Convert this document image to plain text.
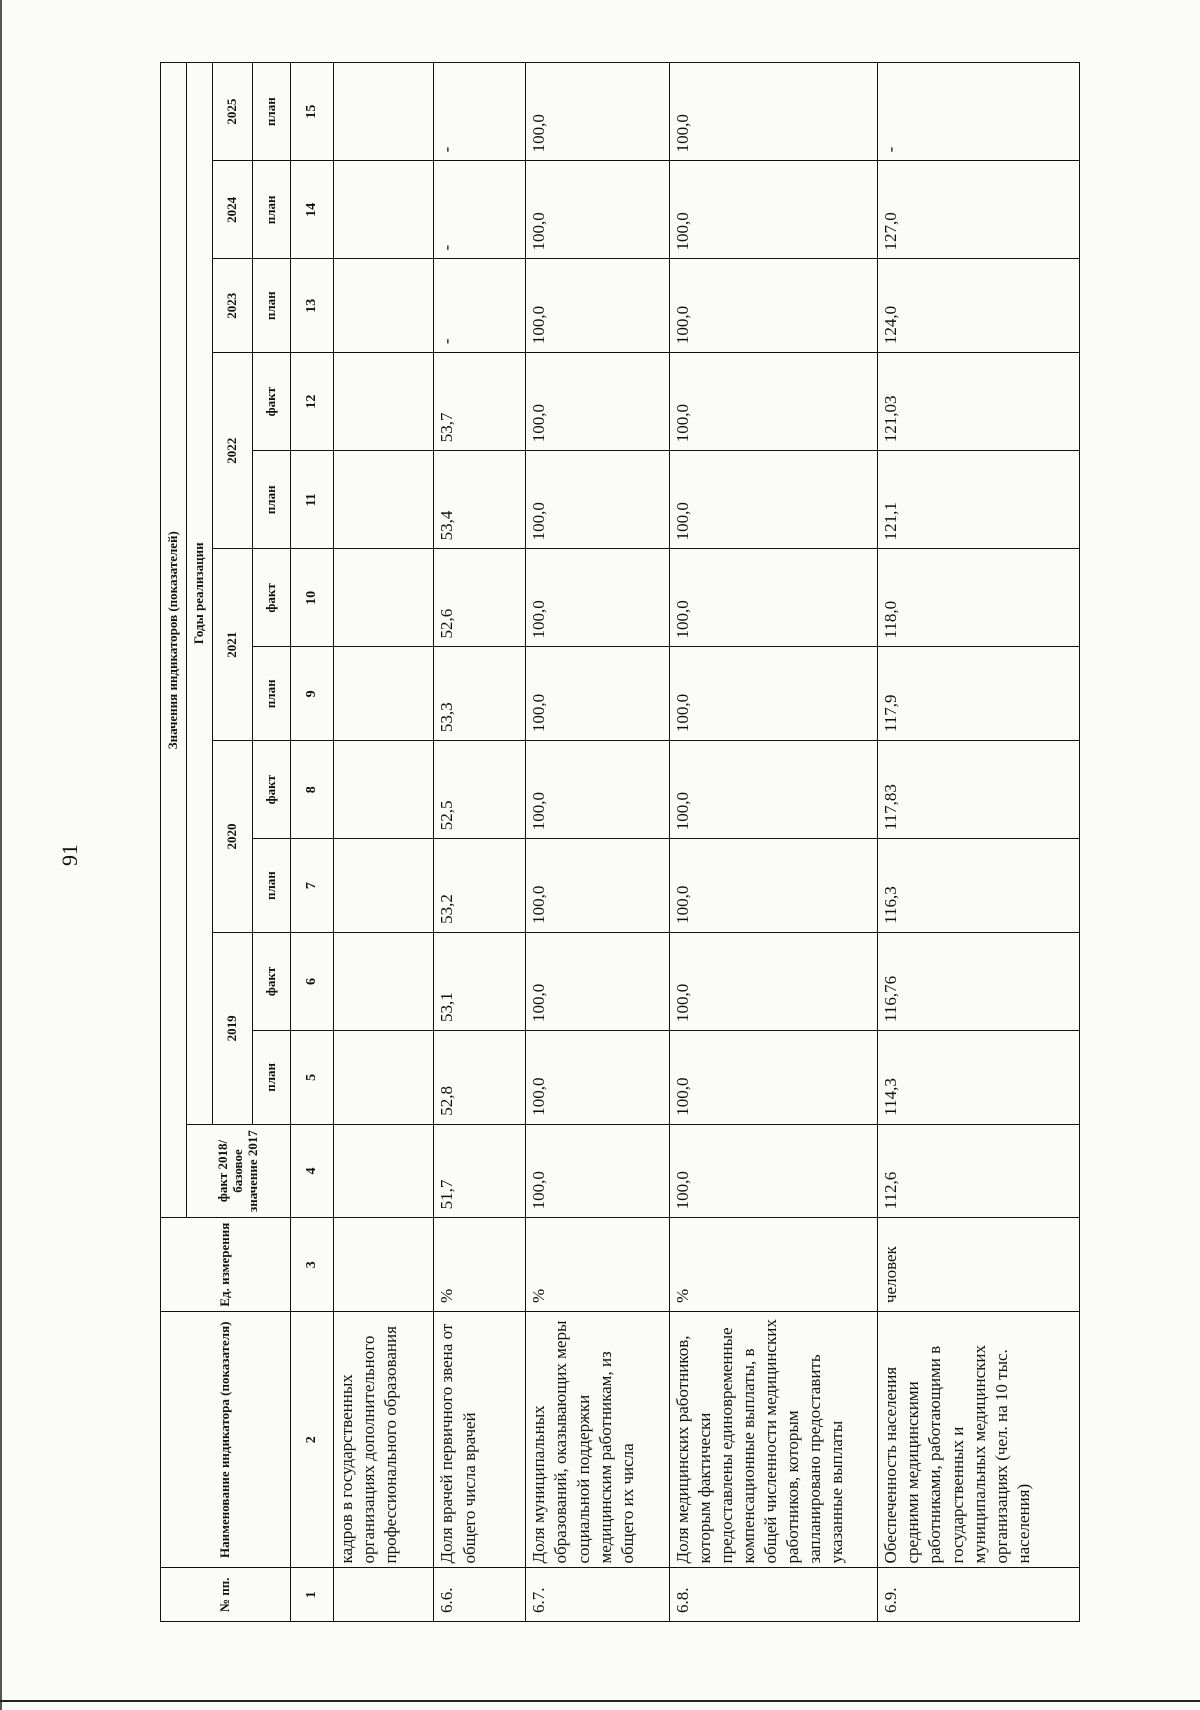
91
№ пп.	Наименование индикатора (показателя)	Ед. измерения	Значения индикаторов (показателей)											
			факт 2018/базовое значение 2017	Годы реализации										
				2019		2020		2021		2022		2023	2024	2025
				план	факт	план	факт	план	факт	план	факт	план	план	план
1	2	3	4	5	6	7	8	9	10	11	12	13	14	15
	кадров в государственных организациях дополнительного профессионального образования													
6.6.	Доля врачей первичного звена от общего числа врачей	%	51,7	52,8	53,1	53,2	52,5	53,3	52,6	53,4	53,7	-	-	-
6.7.	Доля муниципальных образований, оказывающих меры социальной поддержки медицинским работникам, из общего их числа	%	100,0	100,0	100,0	100,0	100,0	100,0	100,0	100,0	100,0	100,0	100,0	100,0
6.8.	Доля медицинских работников, которым фактически предоставлены единовременные компенсационные выплаты, в общей численности медицинских работников, которым запланировано предоставить указанные выплаты	%	100,0	100,0	100,0	100,0	100,0	100,0	100,0	100,0	100,0	100,0	100,0	100,0
6.9.	Обеспеченность населения средними медицинскими работниками, работающими в государственных и муниципальных медицинских организациях (чел. на 10 тыс. населения)	человек	112,6	114,3	116,76	116,3	117,83	117,9	118,0	121,1	121,03	124,0	127,0	-
